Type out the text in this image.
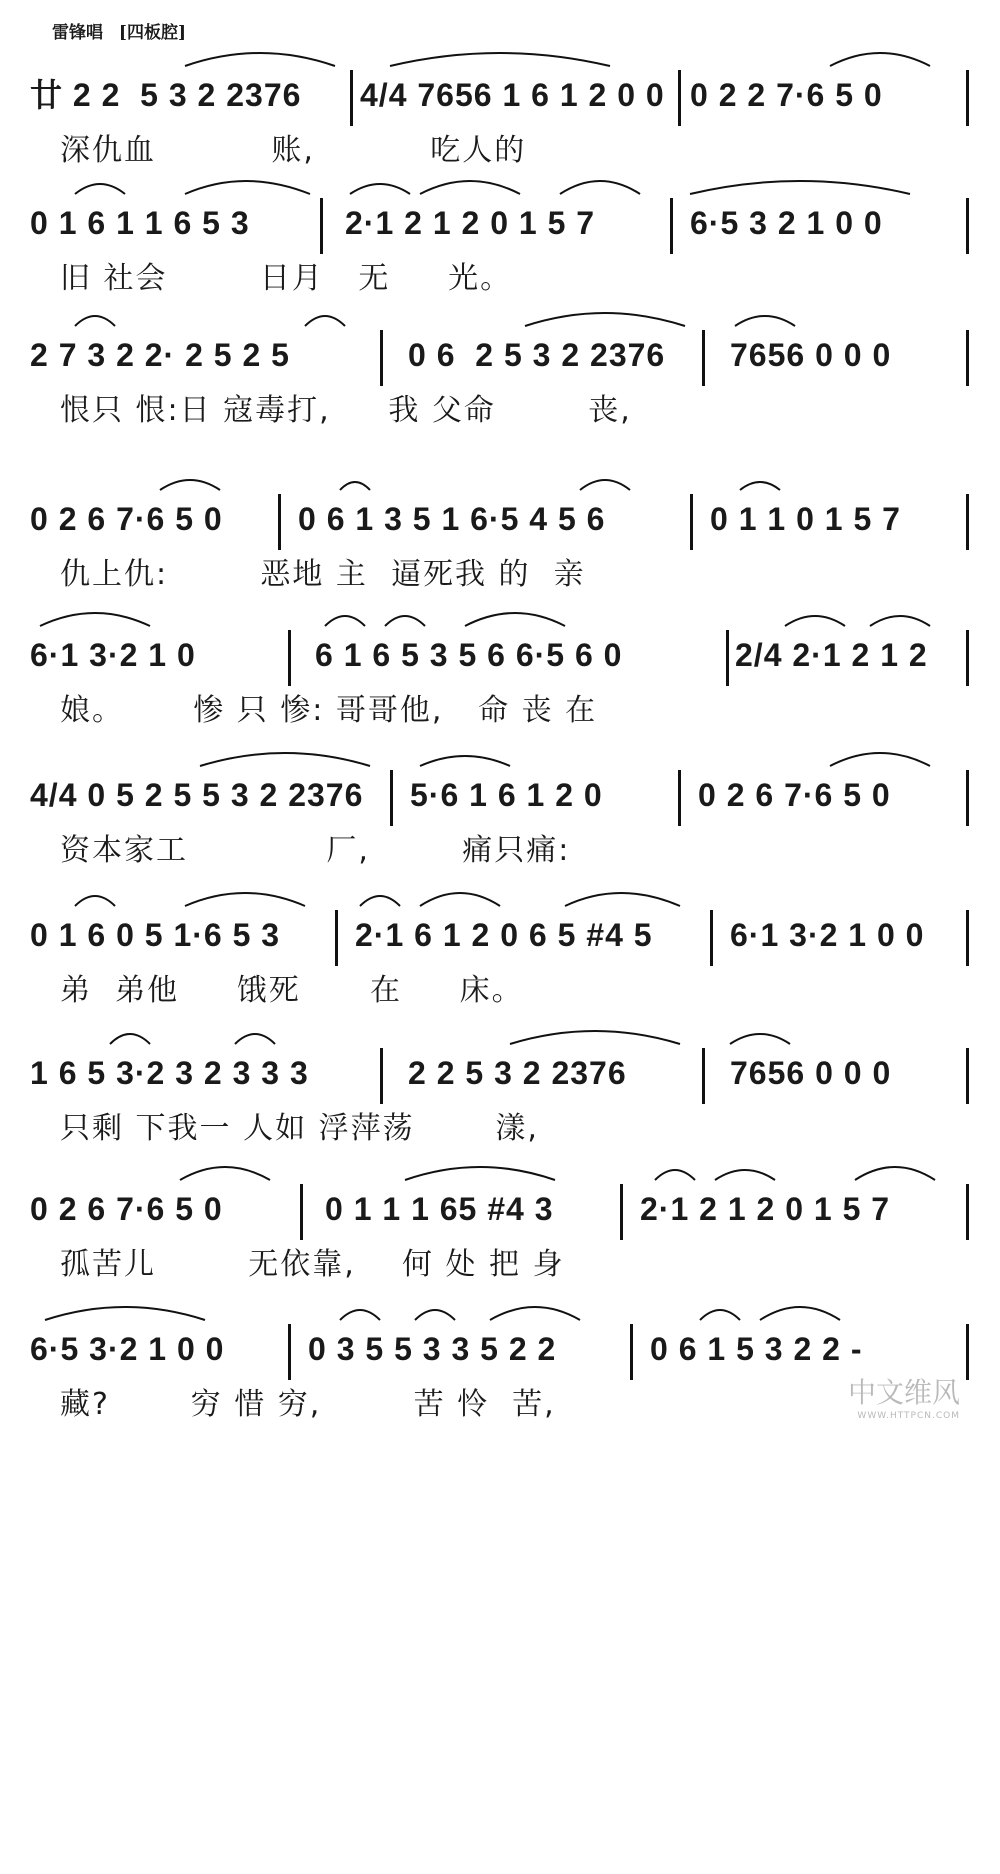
雷锋唱 [四板腔]

廿 2 2  5 3 2 2376

4/4 7656 1 6 1 2 0 0

0 2 2 7·6 5 0

深仇血          账,          吃人的

0 1 6 1 1 6 5 3

	2·1 2 1 2 0 1 5 7

	6·5 3 2 1 0 0

旧 社会        日月   无     光。

2 7 3 2 2· 2 5 2 5

	0 6  2 5 3 2 2376

7656 0 0 0

恨只 恨:日 寇毒打,     我 父命        丧,

0 2 6 7·6 5 0

0 6 1 3 5 1 6·5 4 5 6

	0 1 1 0 1 5 7

仇上仇:        恶地 主  逼死我 的  亲

6·1 3·2 1 0

	6 1 6 5 3 5 6 6·5 6 0

	2/4 2·1 2 1 2

娘。      惨 只 惨: 哥哥他,   命 丧 在

4/4 0 5 2 5 5 3 2 2376

5·6 1 6 1 2 0

	0 2 6 7·6 5 0

资本家工            厂,        痛只痛:

0 1 6 0 5 1·6 5 3

2·1 6 1 2 0 6 5 #4 5

6·1 3·2 1 0 0

弟  弟他     饿死      在     床。

1 6 5 3·2 3 2 3 3 3

	2 2 5 3 2 2376

	7656 0 0 0

只剩 下我一 人如 浮萍荡       漾,

0 2 6 7·6 5 0

	0 1 1 1 65 #4 3

	2·1 2 1 2 0 1 5 7

孤苦儿        无依靠,    何 处 把 身

6·5 3·2 1 0 0

	0 3 5 5 3 3 5 2 2

	0 6 1 5 3 2 2 -

藏?       穷 惜 穷,        苦 怜  苦,	中文维风
WWW.HTTPCN.COM
